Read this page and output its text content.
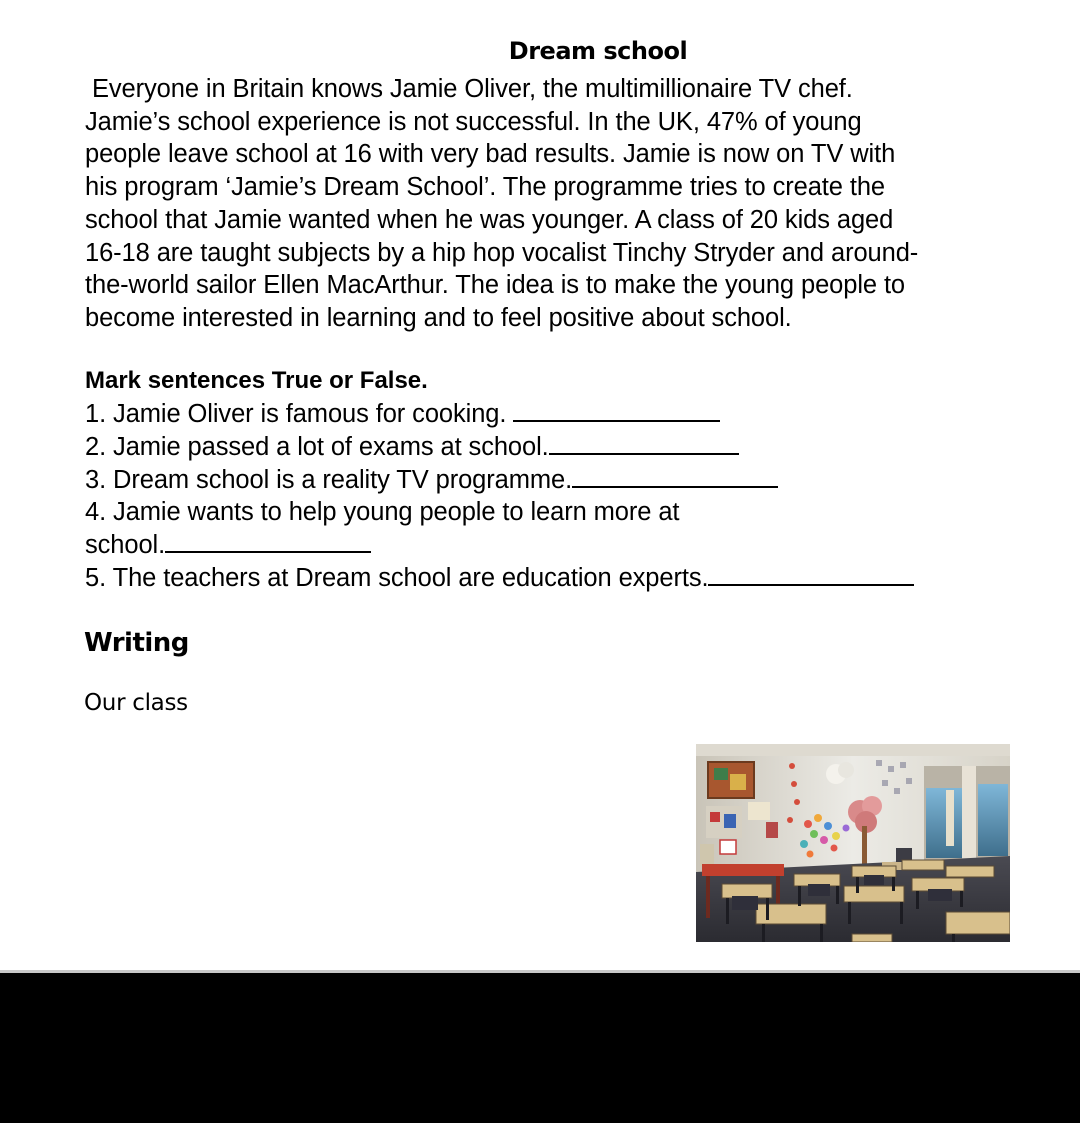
Dream school
Everyone in Britain knows Jamie Oliver, the multimillionaire TV chef.
Jamie’s school experience is not successful. In the UK, 47% of young
people leave school at 16 with very bad results. Jamie is now on TV with
his program ‘Jamie’s Dream School’. The programme tries to create the
school that Jamie wanted when he was younger. A class of 20 kids aged
16-18 are taught subjects by a hip hop vocalist Tinchy Stryder and around-
the-world sailor Ellen MacArthur. The idea is to make the young people to
become interested in learning and to feel positive about school.
Mark sentences True or False.
1. Jamie Oliver is famous for cooking.
2. Jamie passed a lot of exams at school.
3. Dream school is a reality TV programme.
4. Jamie wants to help young people to learn more at
school.
5. The teachers at Dream school are education experts.
Writing
Our class
